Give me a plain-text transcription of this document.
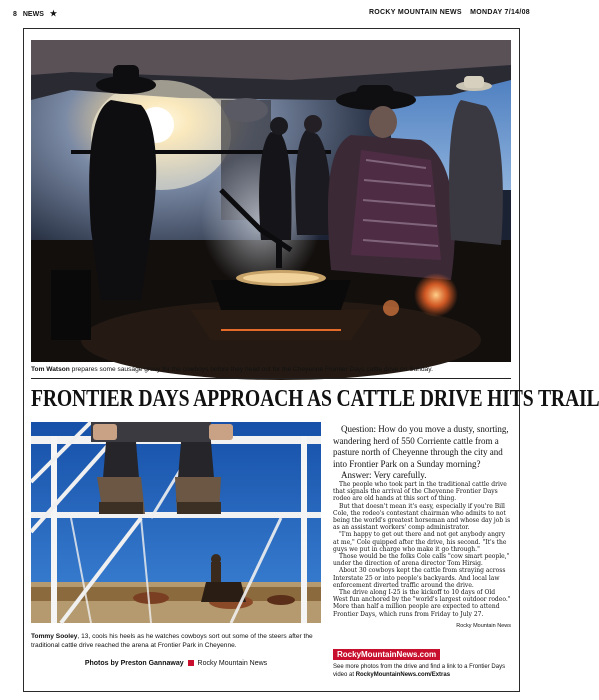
8 NEWS ★	ROCKY MOUNTAIN NEWS MONDAY 7/14/08
Tom Watson prepares some sausage gravy for the cowboys before they head out for the Cheyenne Frontier Days cattle drive on Sunday.
FRONTIER DAYS APPROACH AS CATTLE DRIVE HITS TRAIL
Tommy Sooley, 13, cools his heels as he watches cowboys sort out some of the steers after the traditional cattle drive reached the arena at Frontier Park in Cheyenne.
Photos by Preston Gannaway Rocky Mountain News

Question: How do you move a dusty, snorting, wandering herd of 550 Corriente cattle from a pasture north of Cheyenne through the city and into Frontier Park on a Sunday morning?

Answer: Very carefully.

The people who took part in the traditional cattle drive that signals the arrival of the Cheyenne Frontier Days rodeo are old hands at this sort of thing.

But that doesn't mean it's easy, especially if you're Bill Cole, the rodeo's contestant chairman who admits to not being the world's greatest horseman and whose day job is as an assistant workers' comp administrator.

"I'm happy to get out there and not get anybody angry at me," Cole quipped after the drive, his second. "It's the guys we put in charge who make it go through."

Those would be the folks Cole calls "cow smart people," under the direction of arena director Tom Hirsig.

About 30 cowboys kept the cattle from straying across Interstate 25 or into people's backyards. And local law enforcement diverted traffic around the drive.

The drive along I-25 is the kickoff to 10 days of Old West fun anchored by the "world's largest outdoor rodeo." More than half a million people are expected to attend Frontier Days, which runs from Friday to July 27.

Rocky Mountain News
RockyMountainNews.com
See more photos from the drive and find a link to a Frontier Days video at RockyMountainNews.com/Extras
